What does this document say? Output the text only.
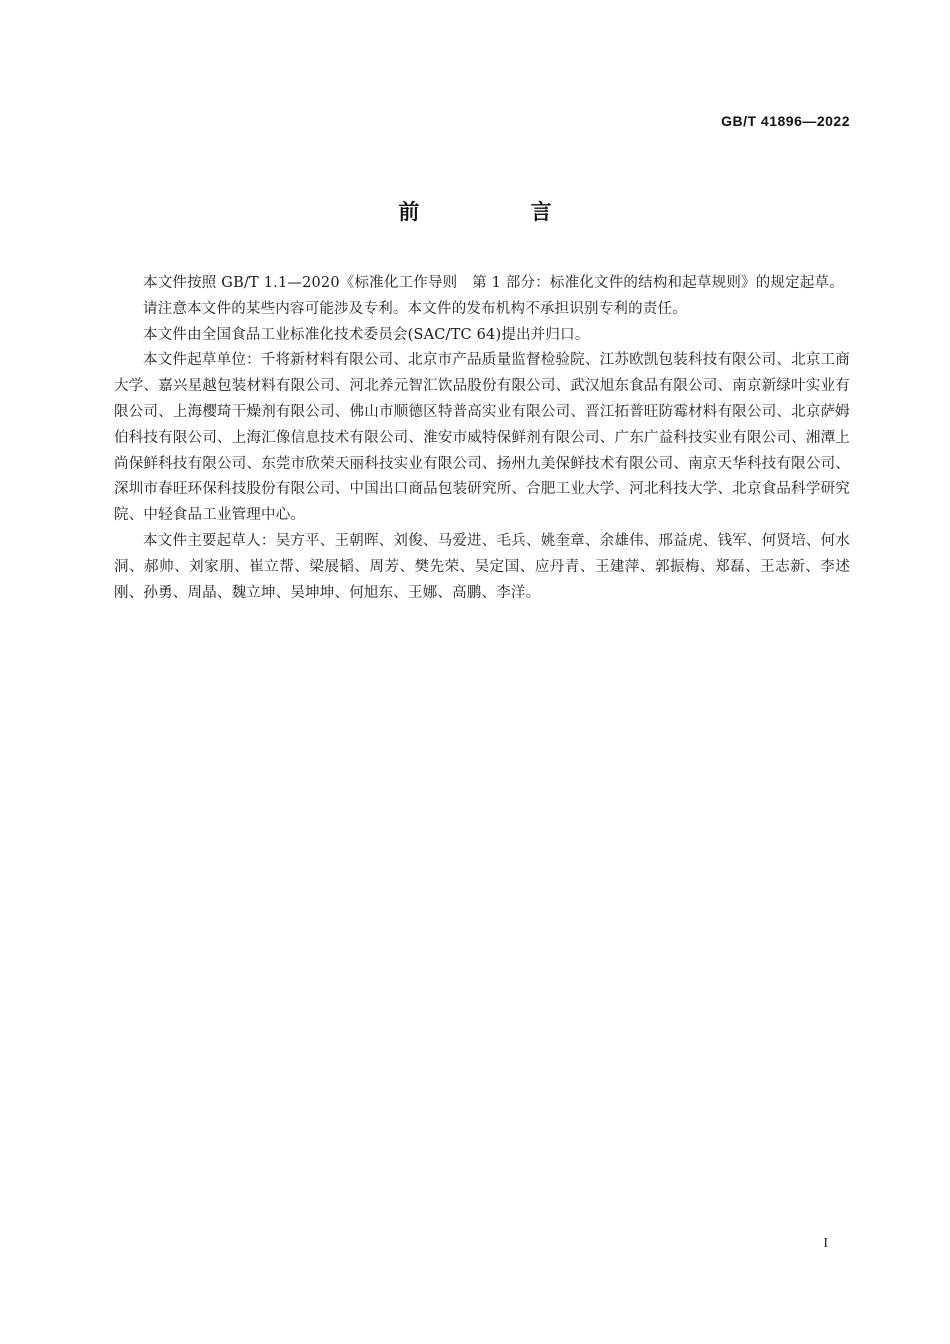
GB/T 41896—2022
前 言

本文件按照 GB/T 1.1—2020《标准化工作导则　第 1 部分：标准化文件的结构和起草规则》的规定起草。

请注意本文件的某些内容可能涉及专利。本文件的发布机构不承担识别专利的责任。

本文件由全国食品工业标准化技术委员会(SAC/TC 64)提出并归口。

本文件起草单位：千将新材料有限公司、北京市产品质量监督检验院、江苏欧凯包装科技有限公司、北京工商大学、嘉兴星越包装材料有限公司、河北养元智汇饮品股份有限公司、武汉旭东食品有限公司、南京新绿叶实业有限公司、上海樱琦干燥剂有限公司、佛山市顺德区特普高实业有限公司、晋江拓普旺防霉材料有限公司、北京萨姆伯科技有限公司、上海汇像信息技术有限公司、淮安市威特保鲜剂有限公司、广东广益科技实业有限公司、湘潭上尚保鲜科技有限公司、东莞市欣荣天丽科技实业有限公司、扬州九美保鲜技术有限公司、南京天华科技有限公司、深圳市春旺环保科技股份有限公司、中国出口商品包装研究所、合肥工业大学、河北科技大学、北京食品科学研究院、中轻食品工业管理中心。

本文件主要起草人：吴方平、王朝晖、刘俊、马爱进、毛兵、姚奎章、余雄伟、邢益虎、钱军、何贤培、何水洞、郝帅、刘家朋、崔立帮、梁展韬、周芳、樊先荣、吴定国、应丹青、王建萍、郭振梅、郑磊、王志新、李述刚、孙勇、周晶、魏立坤、吴坤坤、何旭东、王娜、高鹏、李洋。

I
